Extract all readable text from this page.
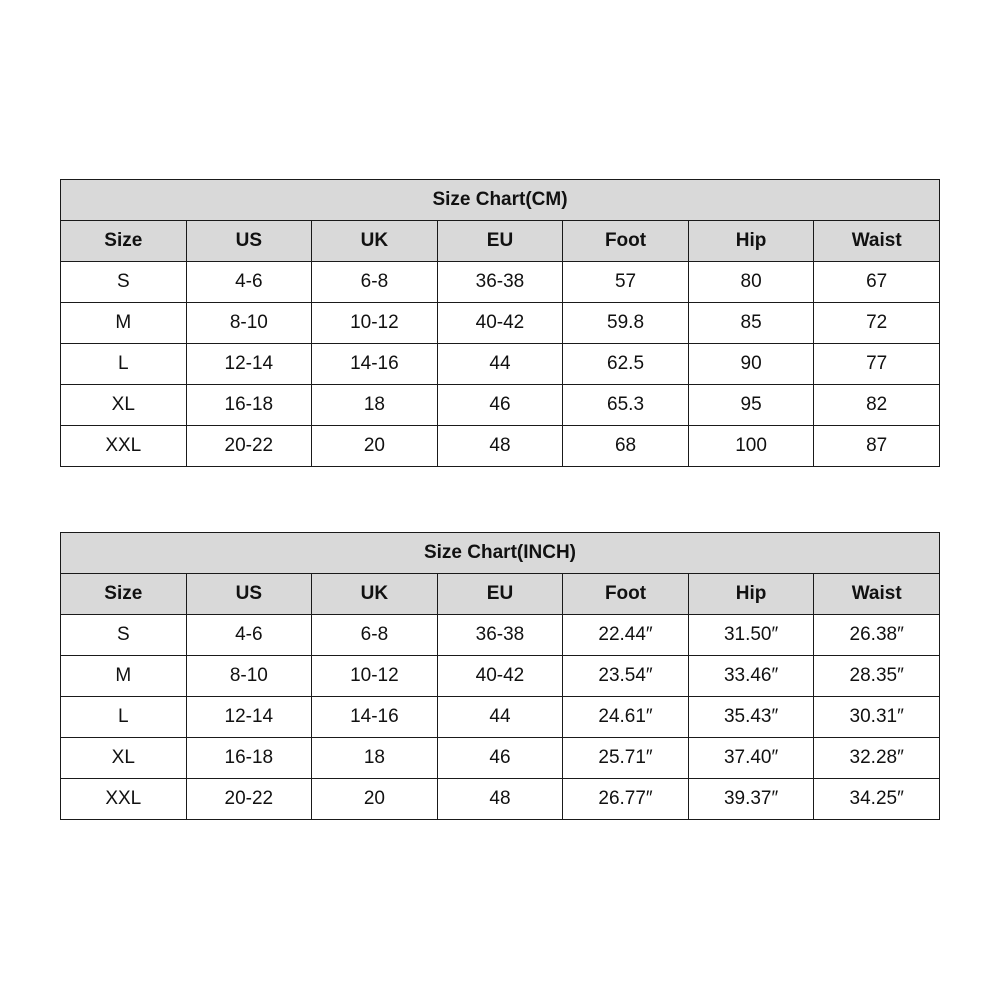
Size Chart(CM)						
Size	US	UK	EU	Foot	Hip	Waist
S	4-6	6-8	36-38	57	80	67
M	8-10	10-12	40-42	59.8	85	72
L	12-14	14-16	44	62.5	90	77
XL	16-18	18	46	65.3	95	82
XXL	20-22	20	48	68	100	87
Size Chart(INCH)						
Size	US	UK	EU	Foot	Hip	Waist
S	4-6	6-8	36-38	22.44″	31.50″	26.38″
M	8-10	10-12	40-42	23.54″	33.46″	28.35″
L	12-14	14-16	44	24.61″	35.43″	30.31″
XL	16-18	18	46	25.71″	37.40″	32.28″
XXL	20-22	20	48	26.77″	39.37″	34.25″
